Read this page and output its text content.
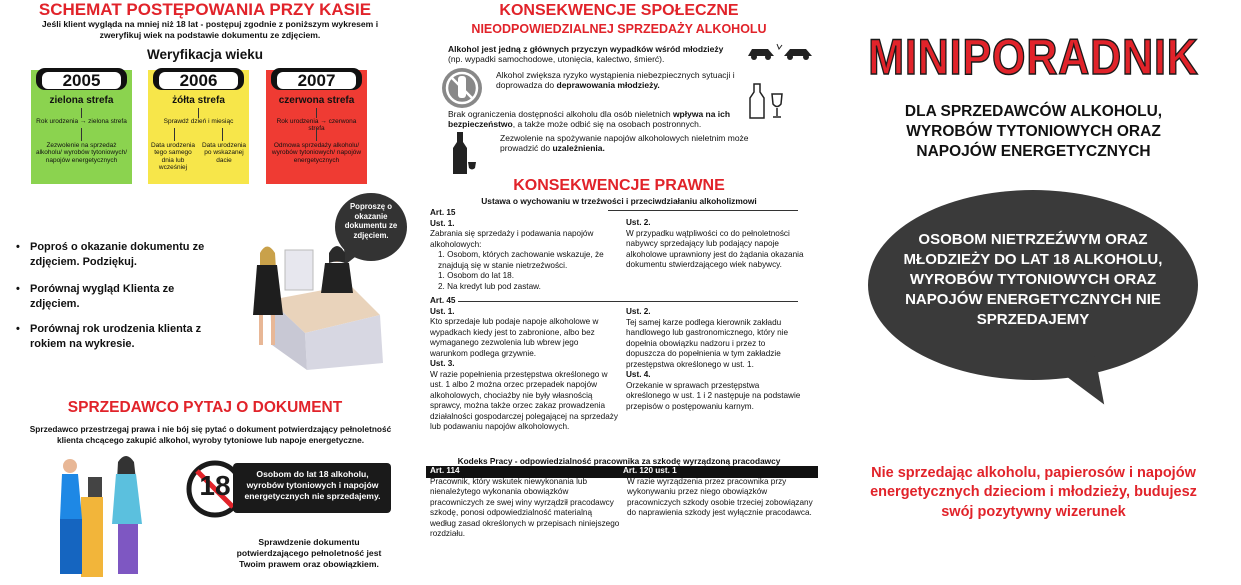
SCHEMAT POSTĘPOWANIA PRZY KASIE
Jeśli klient wygląda na mniej niż 18 lat - postępuj zgodnie z poniższym wykresem i zweryfikuj wiek na podstawie dokumentu ze zdjęciem.
Weryfikacja wieku
2005
zielona strefa
Rok urodzenia → zielona strefa
Zezwolenie na sprzedaż alkoholu/ wyrobów tytoniowych/ napojów energetycznych
2006
żółta strefa
Sprawdź dzień i miesiąc
Data urodzenia tego samego dnia lub wcześniej
Data urodzenia po wskazanej dacie
2007
czerwona strefa
Rok urodzenia → czerwona strefa
Odmowa sprzedaży alkoholu/ wyrobów tytoniowych/ napojów energetycznych
Poproszę o okazanie dokumentu ze zdjęciem.
• Poproś o okazanie dokumentu ze zdjęciem. Podziękuj.
• Porównaj wygląd Klienta ze zdjęciem.
• Porównaj rok urodzenia klienta z rokiem na wykresie.
SPRZEDAWCO PYTAJ O DOKUMENT
Sprzedawco przestrzegaj prawa i nie bój się pytać o dokument potwierdzający pełnoletność klienta chcącego zakupić alkohol, wyroby tytoniowe lub napoje energetyczne.
18	Osobom do lat 18 alkoholu, wyrobów tytoniowych i napojów energetycznych nie sprzedajemy.
Sprawdzenie dokumentu potwierdzającego pełnoletność jest Twoim prawem oraz obowiązkiem.
KONSEKWENCJE SPOŁECZNE
NIEODPOWIEDZIALNEJ SPRZEDAŻY ALKOHOLU
Alkohol jest jedną z głównych przyczyn wypadków wśród młodzieży
(np. wypadki samochodowe, utonięcia, kalectwo, śmierć).
Alkohol zwiększa ryzyko wystąpienia niebezpiecznych sytuacji i doprowadza do deprawowania młodzieży.
Brak ograniczenia dostępności alkoholu dla osób nieletnich wpływa na ich bezpieczeństwo, a także może odbić się na osobach postronnych.
Zezwolenie na spożywanie napojów alkoholowych nieletnim może prowadzić do uzależnienia.
KONSEKWENCJE PRAWNE
Ustawa o wychowaniu w trzeźwości i przeciwdziałaniu alkoholizmowi
Art. 15
Ust. 1.
Zabrania się sprzedaży i podawania napojów alkoholowych:
1. Osobom, których zachowanie wskazuje, że znajdują się w stanie nietrzeźwości.
1. Osobom do lat 18.
2. Na kredyt lub pod zastaw.
Ust. 2.
W przypadku wątpliwości co do pełnoletności nabywcy sprzedający lub podający napoje alkoholowe uprawniony jest do żądania okazania dokumentu stwierdzającego wiek nabywcy.
Art. 45
Ust. 1.
Kto sprzedaje lub podaje napoje alkoholowe w wypadkach kiedy jest to zabronione, albo bez wymaganego zezwolenia lub wbrew jego warunkom podlega grzywnie.
Ust. 3.
W razie popełnienia przestępstwa określonego w ust. 1 albo 2 można orzec przepadek napojów alkoholowych, chociażby nie były własnością sprawcy, można także orzec zakaz prowadzenia działalności gospodarczej polegającej na sprzedaży lub podawaniu napojów alkoholowych.
Ust. 2.
Tej samej karze podlega kierownik zakładu handlowego lub gastronomicznego, który nie dopełnia obowiązku nadzoru i przez to dopuszcza do popełnienia w tym zakładzie przestępstwa określonego w ust. 1.
Ust. 4.
Orzekanie w sprawach przestępstwa określonego w ust. 1 i 2 następuje na podstawie przepisów o postępowaniu karnym.
Kodeks Pracy - odpowiedzialność pracownika za szkodę wyrządzoną pracodawcy
Art. 114
Pracownik, który wskutek niewykonania lub nienależytego wykonania obowiązków pracowniczych ze swej winy wyrządził pracodawcy szkodę, ponosi odpowiedzialność materialną według zasad określonych w przepisach niniejszego rozdziału.
Art. 120 ust. 1
W razie wyrządzenia przez pracownika przy wykonywaniu przez niego obowiązków pracowniczych szkody osobie trzeciej zobowiązany do naprawienia szkody jest wyłącznie pracodawca.
MINIPORADNIK
DLA SPRZEDAWCÓW ALKOHOLU, WYROBÓW TYTONIOWYCH ORAZ NAPOJÓW ENERGETYCZNYCH
OSOBOM NIETRZEŹWYM ORAZ MŁODZIEŻY DO LAT 18 ALKOHOLU, WYROBÓW TYTONIOWYCH ORAZ NAPOJÓW ENERGETYCZNYCH NIE SPRZEDAJEMY
Nie sprzedając alkoholu, papierosów i napojów energetycznych dzieciom i młodzieży, budujesz swój pozytywny wizerunek
